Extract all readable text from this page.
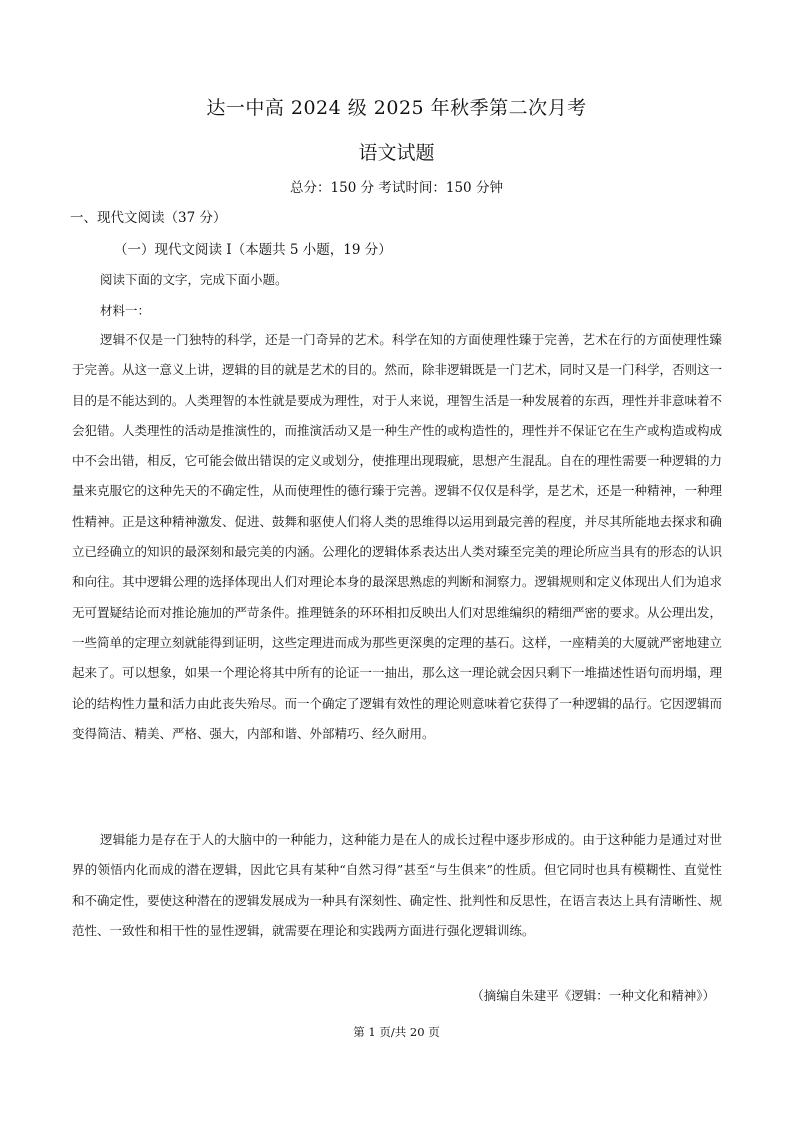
达一中高 2024 级 2025 年秋季第二次月考
语文试题
总分：150 分 考试时间：150 分钟
一、现代文阅读（37 分）
（一）现代文阅读 I（本题共 5 小题，19 分）
阅读下面的文字，完成下面小题。
材料一：

逻辑不仅是一门独特的科学，还是一门奇异的艺术。科学在知的方面使理性臻于完善，艺术在行的方面使理性臻于完善。从这一意义上讲，逻辑的目的就是艺术的目的。然而，除非逻辑既是一门艺术，同时又是一门科学，否则这一目的是不能达到的。人类理智的本性就是要成为理性，对于人来说，理智生活是一种发展着的东西，理性并非意味着不会犯错。人类理性的活动是推演性的，而推演活动又是一种生产性的或构造性的，理性并不保证它在生产或构造或构成中不会出错，相反，它可能会做出错误的定义或划分，使推理出现瑕疵，思想产生混乱。自在的理性需要一种逻辑的力量来克服它的这种先天的不确定性，从而使理性的德行臻于完善。逻辑不仅仅是科学，是艺术，还是一种精神，一种理性精神。正是这种精神激发、促进、鼓舞和驱使人们将人类的思维得以运用到最完善的程度，并尽其所能地去探求和确立已经确立的知识的最深刻和最完美的内涵。公理化的逻辑体系表达出人类对臻至完美的理论所应当具有的形态的认识和向往。其中逻辑公理的选择体现出人们对理论本身的最深思熟虑的判断和洞察力。逻辑规则和定义体现出人们为追求无可置疑结论而对推论施加的严苛条件。推理链条的环环相扣反映出人们对思维编织的精细严密的要求。从公理出发，一些简单的定理立刻就能得到证明，这些定理进而成为那些更深奥的定理的基石。这样，一座精美的大厦就严密地建立起来了。可以想象，如果一个理论将其中所有的论证一一抽出，那么这一理论就会因只剩下一堆描述性语句而坍塌，理论的结构性力量和活力由此丧失殆尽。而一个确定了逻辑有效性的理论则意味着它获得了一种逻辑的品行。它因逻辑而变得简洁、精美、严格、强大，内部和谐、外部精巧、经久耐用。

逻辑能力是存在于人的大脑中的一种能力，这种能力是在人的成长过程中逐步形成的。由于这种能力是通过对世界的领悟内化而成的潜在逻辑，因此它具有某种“自然习得”甚至“与生俱来”的性质。但它同时也具有模糊性、直觉性和不确定性，要使这种潜在的逻辑发展成为一种具有深刻性、确定性、批判性和反思性，在语言表达上具有清晰性、规范性、一致性和相干性的显性逻辑，就需要在理论和实践两方面进行强化逻辑训练。

（摘编自朱建平《逻辑：一种文化和精神》）
第 1 页/共 20 页
